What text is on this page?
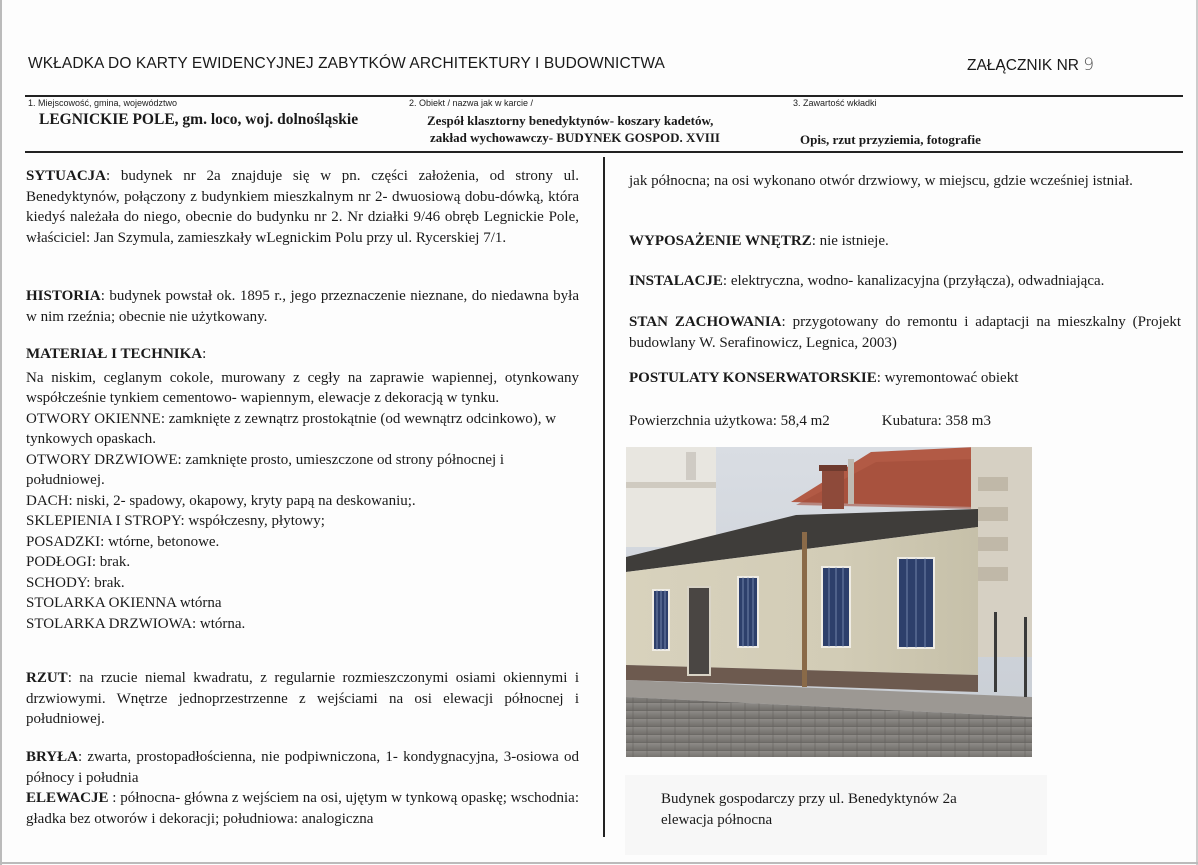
WKŁADKA DO KARTY EWIDENCYJNEJ ZABYTKÓW ARCHITEKTURY I BUDOWNICTWA	ZAŁĄCZNIK NR 9
1. Miejscowość, gmina, województwo
LEGNICKIE POLE, gm. loco, woj. dolnośląskie
2. Obiekt / nazwa jak w karcie /
Zespół klasztorny benedyktynów- koszary kadetów,
zakład wychowawczy- BUDYNEK GOSPOD. XVIII
3. Zawartość wkładki
Opis, rzut przyziemia, fotografie

SYTUACJA: budynek nr 2a znajduje się w pn. części założenia, od strony ul. Benedyktynów, połączony z budynkiem mieszkalnym nr 2- dwuosiową dobu-dówką, która kiedyś należała do niego, obecnie do budynku nr 2. Nr działki 9/46 obręb Legnickie Pole, właściciel: Jan Szymula, zamieszkały wLegnickim Polu przy ul. Rycerskiej 7/1.

HISTORIA: budynek powstał ok. 1895 r., jego przeznaczenie nieznane, do niedawna była w nim rzeźnia; obecnie nie użytkowany.

MATERIAŁ I TECHNIKA:

Na niskim, ceglanym cokole, murowany z cegły na zaprawie wapiennej, otynkowany współcześnie tynkiem cementowo- wapiennym, elewacje z dekoracją w tynku.

OTWORY OKIENNE: zamknięte z zewnątrz prostokątnie (od wewnątrz odcinkowo), w tynkowych opaskach.

OTWORY DRZWIOWE: zamknięte prosto, umieszczone od strony północnej i południowej.

DACH: niski, 2- spadowy, okapowy, kryty papą na deskowaniu;.

SKLEPIENIA I STROPY: współczesny, płytowy;

POSADZKI: wtórne, betonowe.

PODŁOGI: brak.

SCHODY: brak.

STOLARKA OKIENNA wtórna

STOLARKA DRZWIOWA: wtórna.

RZUT: na rzucie niemal kwadratu, z regularnie rozmieszczonymi osiami okiennymi i drzwiowymi. Wnętrze jednoprzestrzenne z wejściami na osi elewacji północnej i południowej.

BRYŁA: zwarta, prostopadłościenna, nie podpiwniczona, 1- kondygnacyjna, 3-osiowa od północy i południa

ELEWACJE : północna- główna z wejściem na osi, ujętym w tynkową opaskę; wschodnia: gładka bez otworów i dekoracji; południowa: analogiczna

jak północna; na osi wykonano otwór drzwiowy, w miejscu, gdzie wcześniej istniał.

WYPOSAŻENIE WNĘTRZ: nie istnieje.

INSTALACJE: elektryczna, wodno- kanalizacyjna (przyłącza), odwadniająca.

STAN ZACHOWANIA: przygotowany do remontu i adaptacji na mieszkalny (Projekt budowlany W. Serafinowicz, Legnica, 2003)

POSTULATY KONSERWATORSKIE: wyremontować obiekt

Powierzchnia użytkowa: 58,4 m2	Kubatura: 358 m3

Budynek gospodarczy przy ul. Benedyktynów 2a
elewacja północna
